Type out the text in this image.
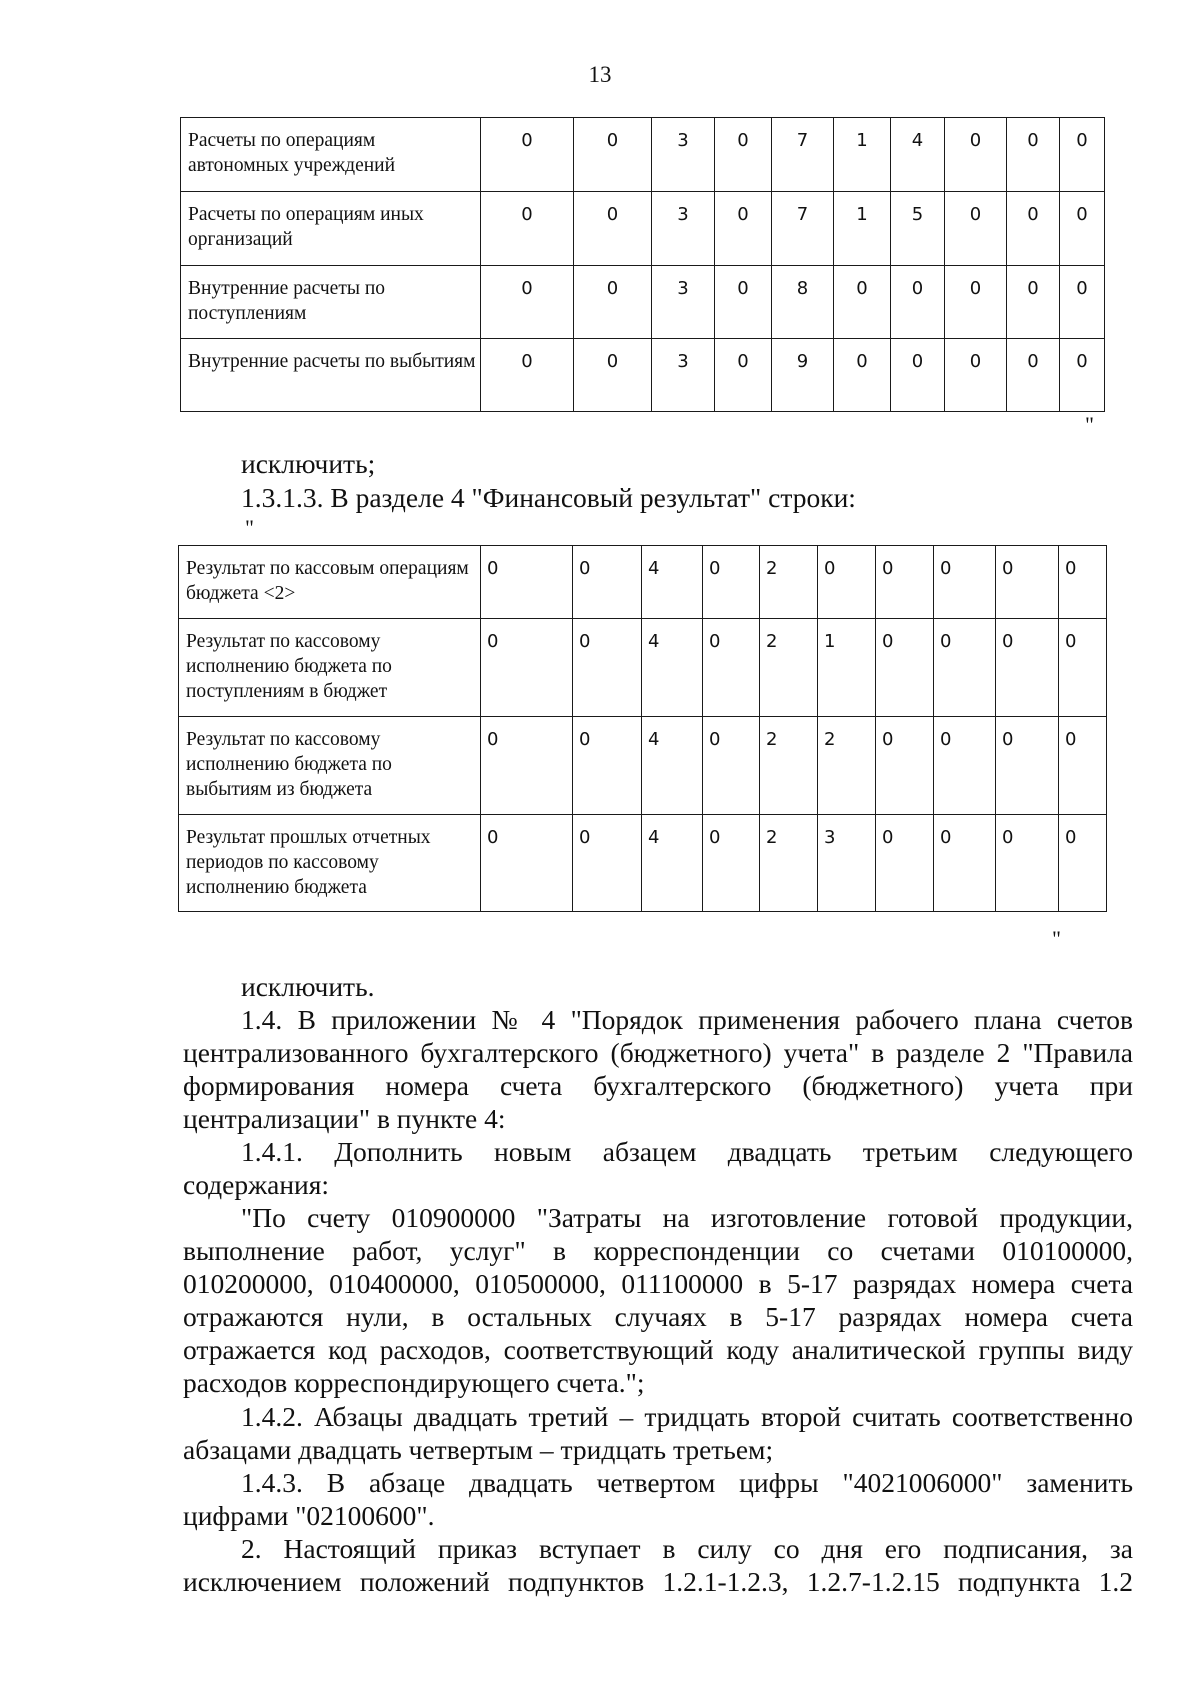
13
Расчеты по операциям автономных учреждений	0	0	3	0	7	1	4	0	0	0
Расчеты по операциям иных организаций	0	0	3	0	7	1	5	0	0	0
Внутренние расчеты по поступлениям	0	0	3	0	8	0	0	0	0	0
Внутренние расчеты по выбытиям	0	0	3	0	9	0	0	0	0	0
"
исключить;
1.3.1.3. В разделе 4 "Финансовый результат" строки:
"
Результат по кассовым операциям бюджета <2>	0	0	4	0	2	0	0	0	0	0
Результат по кассовому исполнению бюджета по поступлениям в бюджет	0	0	4	0	2	1	0	0	0	0
Результат по кассовому исполнению бюджета по выбытиям из бюджета	0	0	4	0	2	2	0	0	0	0
Результат прошлых отчетных периодов по кассовому исполнению бюджета	0	0	4	0	2	3	0	0	0	0
"
исключить.
1.4. В приложении № 4 "Порядок применения рабочего плана счетов
централизованного бухгалтерского (бюджетного) учета" в разделе 2 "Правила
формирования номера счета бухгалтерского (бюджетного) учета при
централизации" в пункте 4:
1.4.1. Дополнить новым абзацем двадцать третьим следующего
содержания:
"По счету 010900000 "Затраты на изготовление готовой продукции,
выполнение работ, услуг" в корреспонденции со счетами 010100000,
010200000, 010400000, 010500000, 011100000 в 5-17 разрядах номера счета
отражаются нули, в остальных случаях в 5-17 разрядах номера счета
отражается код расходов, соответствующий коду аналитической группы виду
расходов корреспондирующего счета.";
1.4.2. Абзацы двадцать третий – тридцать второй считать соответственно
абзацами двадцать четвертым – тридцать третьем;
1.4.3. В абзаце двадцать четвертом цифры "4021006000" заменить
цифрами "02100600".
2. Настоящий приказ вступает в силу со дня его подписания, за
исключением положений подпунктов 1.2.1-1.2.3, 1.2.7-1.2.15 подпункта 1.2
